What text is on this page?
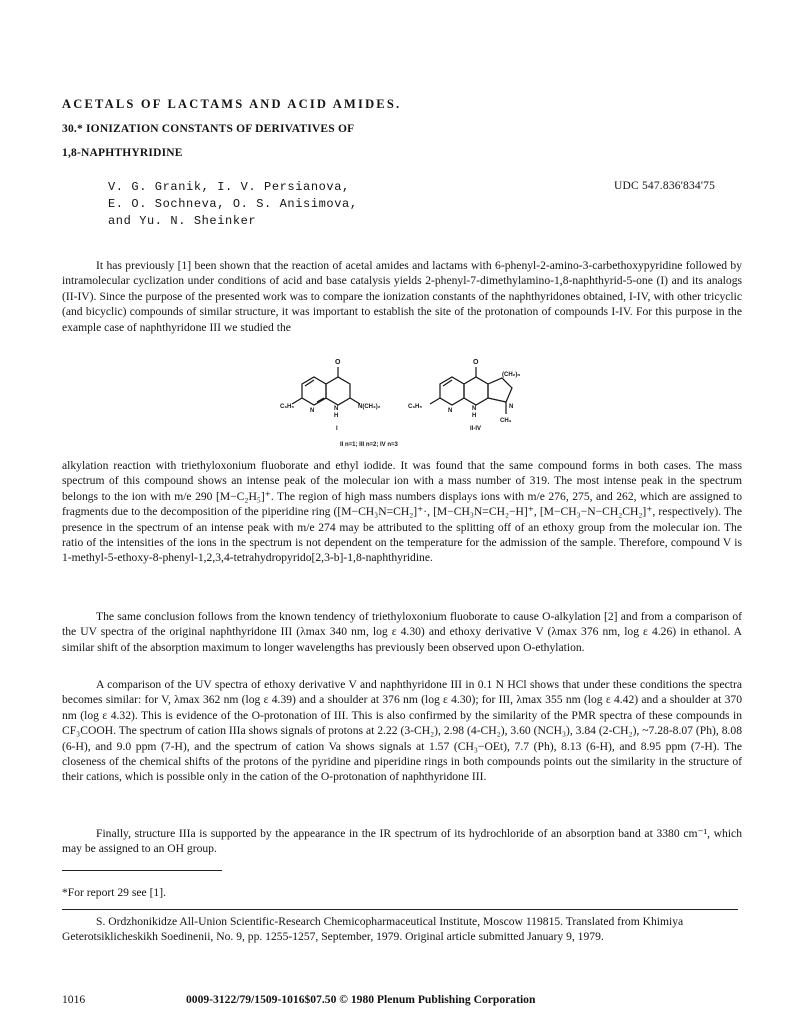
ACETALS OF LACTAMS AND ACID AMIDES.
30.* IONIZATION CONSTANTS OF DERIVATIVES OF
1,8-NAPHTHYRIDINE
V. G. Granik, I. V. Persianova,
E. O. Sochneva, O. S. Anisimova,
and Yu. N. Sheinker
UDC 547.836'834'75

It has previously [1] been shown that the reaction of acetal amides and lactams with 6-phenyl-2-amino-3-carbethoxypyridine followed by intramolecular cyclization under conditions of acid and base catalysis yields 2-phenyl-7-dimethylamino-1,8-naphthyrid-5-one (I) and its analogs (II-IV). Since the purpose of the presented work was to compare the ionization constants of the naphthyridones obtained, I-IV, with other tricyclic (and bicyclic) compounds of similar structure, it was important to establish the site of the protonation of compounds I-IV. For this purpose in the example case of naphthyridone III we studied the

O
C₆H₅
N	N
H
N(CH₃)₂
I
O
C₆H₅
N	N
H
(CH₂)ₙ
N
CH₃
II-IV
II n=1; III n=2; IV n=3

alkylation reaction with triethyloxonium fluoborate and ethyl iodide. It was found that the same compound forms in both cases. The mass spectrum of this compound shows an intense peak of the molecular ion with a mass number of 319. The most intense peak in the spectrum belongs to the ion with m/e 290 [M−C₂H₅]⁺. The region of high mass numbers displays ions with m/e 276, 275, and 262, which are assigned to fragments due to the decomposition of the piperidine ring ([M−CH₃N=CH₂]⁺·, [M−CH₃N=CH₂−H]⁺, [M−CH₃−N−CH₂CH₂]⁺, respectively). The presence in the spectrum of an intense peak with m/e 274 may be attributed to the splitting off of an ethoxy group from the molecular ion. The ratio of the intensities of the ions in the spectrum is not dependent on the temperature for the admission of the sample. Therefore, compound V is 1-methyl-5-ethoxy-8-phenyl-1,2,3,4-tetrahydropyrido[2,3-b]-1,8-naphthyridine.

The same conclusion follows from the known tendency of triethyloxonium fluoborate to cause O-alkylation [2] and from a comparison of the UV spectra of the original naphthyridone III (λmax 340 nm, log ε 4.30) and ethoxy derivative V (λmax 376 nm, log ε 4.26) in ethanol. A similar shift of the absorption maximum to longer wavelengths has previously been observed upon O-ethylation.

A comparison of the UV spectra of ethoxy derivative V and naphthyridone III in 0.1 N HCl shows that under these conditions the spectra becomes similar: for V, λmax 362 nm (log ε 4.39) and a shoulder at 376 nm (log ε 4.30); for III, λmax 355 nm (log ε 4.42) and a shoulder at 370 nm (log ε 4.32). This is evidence of the O-protonation of III. This is also confirmed by the similarity of the PMR spectra of these compounds in CF₃COOH. The spectrum of cation IIIa shows signals of protons at 2.22 (3-CH₂), 2.98 (4-CH₂), 3.60 (NCH₃), 3.84 (2-CH₂), ~7.28-8.07 (Ph), 8.08 (6-H), and 9.0 ppm (7-H), and the spectrum of cation Va shows signals at 1.57 (CH₃−OEt), 7.7 (Ph), 8.13 (6-H), and 8.95 ppm (7-H). The closeness of the chemical shifts of the protons of the pyridine and piperidine rings in both compounds points out the similarity in the structure of their cations, which is possible only in the cation of the O-protonation of naphthyridone III.

Finally, structure IIIa is supported by the appearance in the IR spectrum of its hydrochloride of an absorption band at 3380 cm⁻¹, which may be assigned to an OH group.

*For report 29 see [1].
S. Ordzhonikidze All-Union Scientific-Research Chemicopharmaceutical Institute, Moscow 119815. Translated from Khimiya Geterotsiklicheskikh Soedinenii, No. 9, pp. 1255-1257, September, 1979. Original article submitted January 9, 1979.
1016	0009-3122/79/1509-1016$07.50 © 1980 Plenum Publishing Corporation
